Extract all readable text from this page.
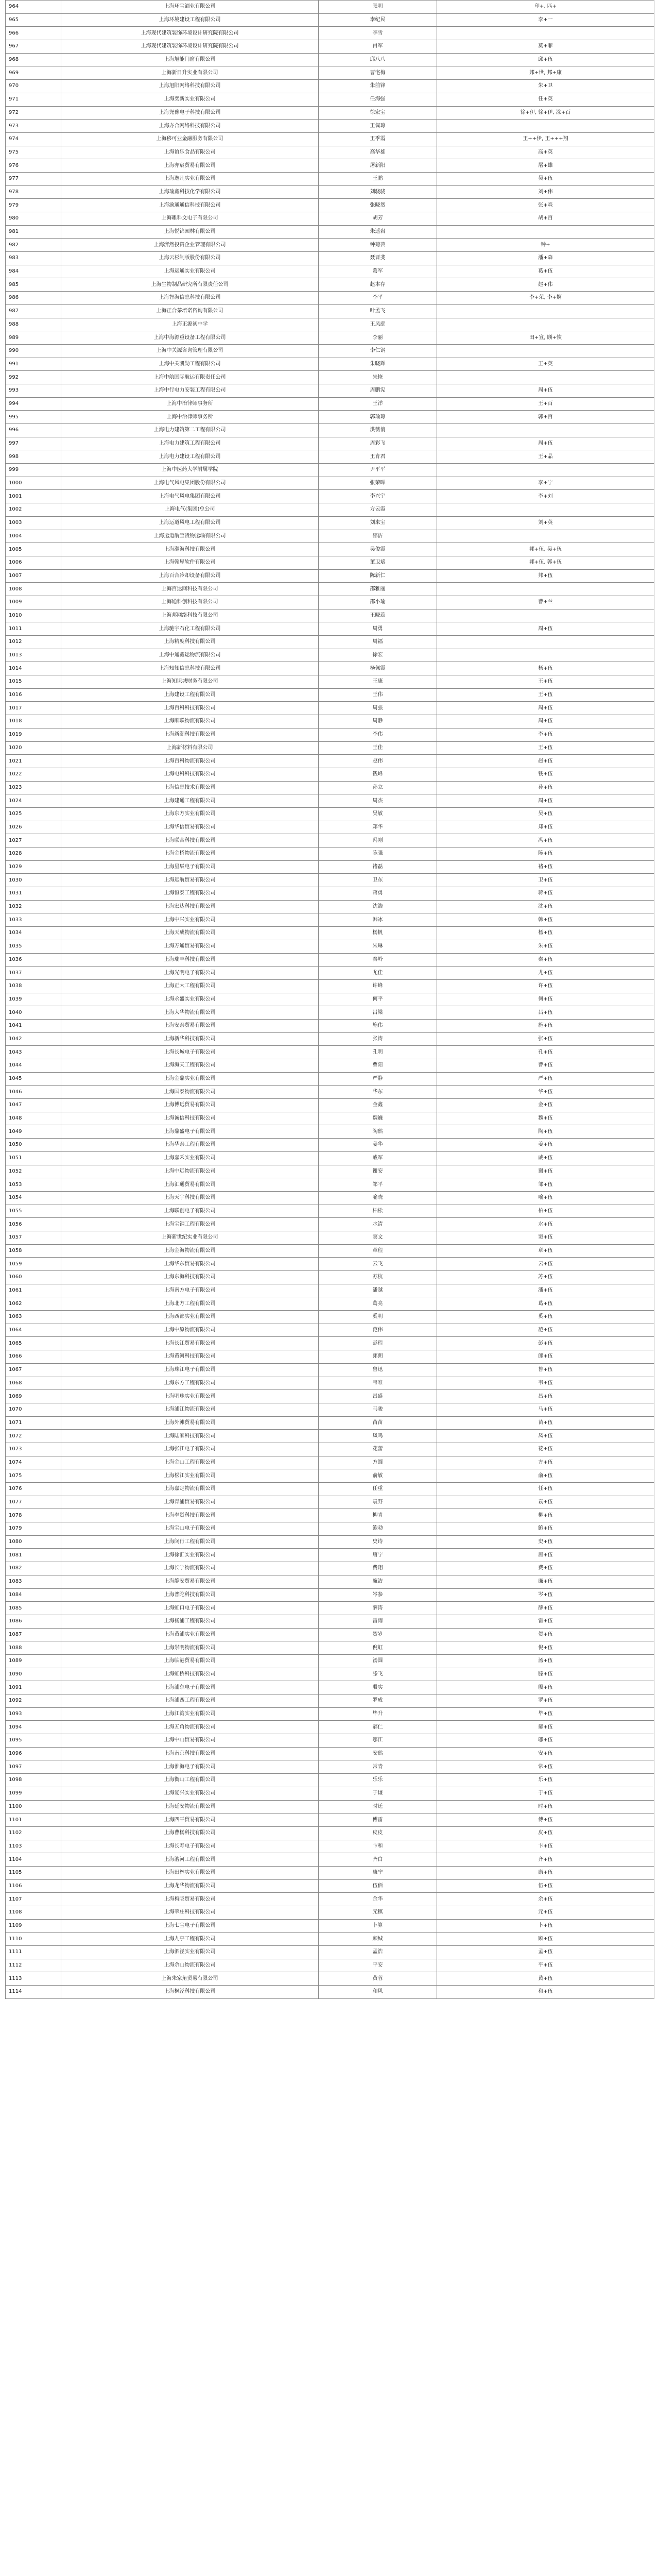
964	上海环宝酒业有限公司	张明	印+, 匹+
965	上海环境建设工程有限公司	李纪民	李+一
966	上海现代建筑装饰环境设计研究院有限公司	李雪	
967	上海现代建筑装饰环境设计研究院有限公司	肖军	莫+菲
968	上海旭能门窗有限公司	邱八八	邱+伍
969	上海新日升实业有限公司	曹宅梅	邦+世, 邦+康
970	上海旭阳网络科技有限公司	朱前锋	朱+卫
971	上海奕新实业有限公司	任海强	任+英
972	上海尧豫电子科技有限公司	徐宏宝	徐+伊, 徐+伊, 涂+百
973	上海亦合网络科技有限公司	王佩琼	
974	上海移可业金融服务有限公司	王季霞	王++伊, 王+++翔
975	上海谊乐食品有限公司	高华雄	高+英
976	上海亦宸贸易有限公司	屠新阳	屠+雄
977	上海逸凡实业有限公司	王鹏	吴+伍
978	上海瑜鑫科技化学有限公司	刘骁骁	刘+伟
979	上海渝通通信科技有限公司	张晓然	张+森
980	上海雕科文电子有限公司	胡芳	胡+百
981	上海悦锦园林有限公司	朱遥岩	
982	上海湃然投资企业管理有限公司	钟菊芸	钟+
983	上海云杉制版股份有限公司	聂晋斐	潘+森
984	上海运通实业有限公司	葛军	葛+伍
985	上海生物制品研究所有限责任公司	赵本存	赵+伟
986	上海智海信息科技有限公司	李平	李+荣, 李+婀
987	上海正合茶培诺咨询有限公司	叶孟飞	
988	上海正源初中学	王凤庭	
989	上海中海源重设备工程有限公司	李丽	田+宣, 顾+恢
990	上海中关源咨询管理有限公司	李仁钢	
991	上海中关凯勋工程有限公司	朱晓辉	王+英
992	上海中航国际航运有限责任公司	朱恢	
993	上海中行电力安装工程有限公司	周鹏宪	周+伍
994	上海中治律师事务所	王洋	王+百
995	上海中治律师事务所	郭瑜琼	郭+百
996	上海电力建筑第二工程有限公司	洪薇俏	
997	上海电力建筑工程有限公司	周彩飞	周+伍
998	上海电力建设工程有限公司	王育君	王+晶
999	上海中医药大学附属学院	尹平平	
1000	上海电气风电集团股份有限公司	张荣晖	李+宁
1001	上海电气风电集团有限公司	李兴宇	李+刘
1002	上海电气(集团)总公司	方云霞	
1003	上海运道风电工程有限公司	刘来宝	刘+英
1004	上海运道航宝货物运输有限公司	邵洁	
1005	上海瀚海科技有限公司	吴俊霞	邦+伍, 吴+伍
1006	上海翰屋软件有限公司	董卫斌	邦+伍, 郭+伍
1007	上海百合冷却设备有限公司	陈新仁	邦+伍
1008	上海百达网科技有限公司	邵雅丽	
1009	上海通科创科技有限公司	邵小瑜	曹+兰
1010	上海邦网络科技有限公司	王晓蕊	
1011	上海驰宇石化工程有限公司	周勇	周+伍
1012	上海精度科技有限公司	周福	
1013	上海中通鑫运物流有限公司	徐宏	
1014	上海知知信息科技有限公司	杨佩霞	杨+伍
1015	上海知识城财务有限公司	王康	王+伍
1016	上海建设工程有限公司	王伟	王+伍
1017	上海百科科技有限公司	周强	周+伍
1018	上海顺联物流有限公司	周静	周+伍
1019	上海新潮科技有限公司	李伟	李+伍
1020	上海新材料有限公司	王佳	王+伍
1021	上海百科物流有限公司	赵伟	赵+伍
1022	上海电科科技有限公司	钱峰	钱+伍
1023	上海信息技术有限公司	孙立	孙+伍
1024	上海建通工程有限公司	周杰	周+伍
1025	上海东方实业有限公司	吴敏	吴+伍
1026	上海华信贸易有限公司	郑华	郑+伍
1027	上海联合科技有限公司	冯刚	冯+伍
1028	上海金桥物流有限公司	陈强	陈+伍
1029	上海星辰电子有限公司	褚磊	褚+伍
1030	上海远航贸易有限公司	卫东	卫+伍
1031	上海恒泰工程有限公司	蒋勇	蒋+伍
1032	上海宏达科技有限公司	沈浩	沈+伍
1033	上海中兴实业有限公司	韩冰	韩+伍
1034	上海天成物流有限公司	杨帆	杨+伍
1035	上海万通贸易有限公司	朱琳	朱+伍
1036	上海瑞丰科技有限公司	秦岭	秦+伍
1037	上海光明电子有限公司	尤佳	尤+伍
1038	上海正大工程有限公司	许峰	许+伍
1039	上海永盛实业有限公司	何平	何+伍
1040	上海大华物流有限公司	吕梁	吕+伍
1041	上海安泰贸易有限公司	施伟	施+伍
1042	上海新华科技有限公司	张涛	张+伍
1043	上海长城电子有限公司	孔明	孔+伍
1044	上海海天工程有限公司	曹阳	曹+伍
1045	上海金鼎实业有限公司	严静	严+伍
1046	上海国泰物流有限公司	华东	华+伍
1047	上海博远贸易有限公司	金鑫	金+伍
1048	上海诚信科技有限公司	魏巍	魏+伍
1049	上海鼎盛电子有限公司	陶然	陶+伍
1050	上海华泰工程有限公司	姜华	姜+伍
1051	上海嘉禾实业有限公司	戚军	戚+伍
1052	上海中远物流有限公司	谢安	谢+伍
1053	上海汇通贸易有限公司	邹平	邹+伍
1054	上海天宇科技有限公司	喻晓	喻+伍
1055	上海联创电子有限公司	柏松	柏+伍
1056	上海宝钢工程有限公司	水清	水+伍
1057	上海新世纪实业有限公司	窦文	窦+伍
1058	上海金海物流有限公司	章程	章+伍
1059	上海华东贸易有限公司	云飞	云+伍
1060	上海东海科技有限公司	苏杭	苏+伍
1061	上海南方电子有限公司	潘越	潘+伍
1062	上海北方工程有限公司	葛亮	葛+伍
1063	上海西部实业有限公司	奚明	奚+伍
1064	上海中原物流有限公司	范伟	范+伍
1065	上海长江贸易有限公司	彭程	彭+伍
1066	上海黄河科技有限公司	郎朗	郎+伍
1067	上海珠江电子有限公司	鲁迅	鲁+伍
1068	上海东方工程有限公司	韦唯	韦+伍
1069	上海明珠实业有限公司	昌盛	昌+伍
1070	上海浦江物流有限公司	马骏	马+伍
1071	上海外滩贸易有限公司	苗苗	苗+伍
1072	上海陆家科技有限公司	凤鸣	凤+伍
1073	上海张江电子有限公司	花蕾	花+伍
1074	上海金山工程有限公司	方圆	方+伍
1075	上海松江实业有限公司	俞敏	俞+伍
1076	上海嘉定物流有限公司	任重	任+伍
1077	上海青浦贸易有限公司	袁野	袁+伍
1078	上海奉贤科技有限公司	柳青	柳+伍
1079	上海宝山电子有限公司	鲍勃	鲍+伍
1080	上海闵行工程有限公司	史诗	史+伍
1081	上海徐汇实业有限公司	唐宁	唐+伍
1082	上海长宁物流有限公司	费翔	费+伍
1083	上海静安贸易有限公司	廉洁	廉+伍
1084	上海普陀科技有限公司	岑参	岑+伍
1085	上海虹口电子有限公司	薛涛	薛+伍
1086	上海杨浦工程有限公司	雷雨	雷+伍
1087	上海黄浦实业有限公司	贺岁	贺+伍
1088	上海崇明物流有限公司	倪虹	倪+伍
1089	上海临港贸易有限公司	汤圆	汤+伍
1090	上海虹桥科技有限公司	滕飞	滕+伍
1091	上海浦东电子有限公司	殷实	殷+伍
1092	上海浦西工程有限公司	罗成	罗+伍
1093	上海江湾实业有限公司	毕升	毕+伍
1094	上海五角物流有限公司	郝仁	郝+伍
1095	上海中山贸易有限公司	邬江	邬+伍
1096	上海南京科技有限公司	安然	安+伍
1097	上海淮海电子有限公司	常青	常+伍
1098	上海衡山工程有限公司	乐乐	乐+伍
1099	上海复兴实业有限公司	于谦	于+伍
1100	上海延安物流有限公司	时迁	时+伍
1101	上海四平贸易有限公司	傅雷	傅+伍
1102	上海曹杨科技有限公司	皮皮	皮+伍
1103	上海长寿电子有限公司	卞和	卞+伍
1104	上海漕河工程有限公司	齐白	齐+伍
1105	上海田林实业有限公司	康宁	康+伍
1106	上海龙华物流有限公司	伍佰	伍+伍
1107	上海梅陇贸易有限公司	余华	余+伍
1108	上海莘庄科技有限公司	元稹	元+伍
1109	上海七宝电子有限公司	卜算	卜+伍
1110	上海九亭工程有限公司	顾城	顾+伍
1111	上海泗泾实业有限公司	孟浩	孟+伍
1112	上海佘山物流有限公司	平安	平+伍
1113	上海朱家角贸易有限公司	黄蓉	黄+伍
1114	上海枫泾科技有限公司	和风	和+伍
